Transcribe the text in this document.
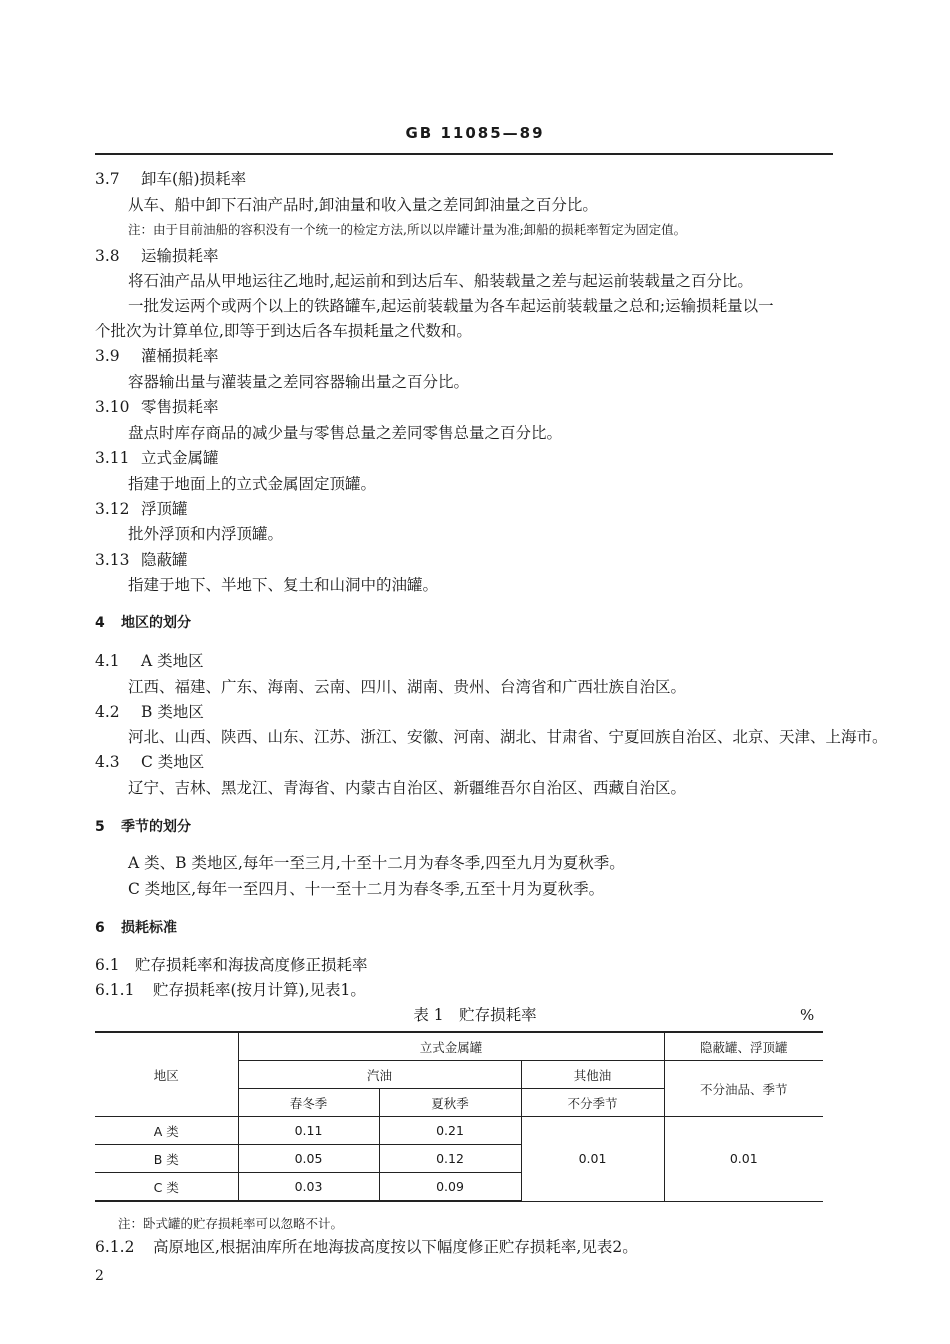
GB 11085—89
3.7 卸车(船)损耗率
从车、船中卸下石油产品时,卸油量和收入量之差同卸油量之百分比。
注：由于目前油船的容积没有一个统一的检定方法,所以以岸罐计量为准;卸船的损耗率暂定为固定值。
3.8 运输损耗率
将石油产品从甲地运往乙地时,起运前和到达后车、船装载量之差与起运前装载量之百分比。
一批发运两个或两个以上的铁路罐车,起运前装载量为各车起运前装载量之总和;运输损耗量以一
个批次为计算单位,即等于到达后各车损耗量之代数和。
3.9 灌桶损耗率
容器输出量与灌装量之差同容器输出量之百分比。
3.10 零售损耗率
盘点时库存商品的减少量与零售总量之差同零售总量之百分比。
3.11 立式金属罐
指建于地面上的立式金属固定顶罐。
3.12 浮顶罐
批外浮顶和内浮顶罐。
3.13 隐蔽罐
指建于地下、半地下、复土和山洞中的油罐。
4 地区的划分
4.1 A 类地区
江西、福建、广东、海南、云南、四川、湖南、贵州、台湾省和广西壮族自治区。
4.2 B 类地区
河北、山西、陕西、山东、江苏、浙江、安徽、河南、湖北、甘肃省、宁夏回族自治区、北京、天津、上海市。
4.3 C 类地区
辽宁、吉林、黑龙江、青海省、内蒙古自治区、新疆维吾尔自治区、西藏自治区。
5 季节的划分
A 类、B 类地区,每年一至三月,十至十二月为春冬季,四至九月为夏秋季。
C 类地区,每年一至四月、十一至十二月为春冬季,五至十月为夏秋季。
6 损耗标准
6.1 贮存损耗率和海拔高度修正损耗率
6.1.1 贮存损耗率(按月计算),见表1。
表 1　贮存损耗率	%
地区	立式金属罐			隐蔽罐、浮顶罐
	汽油		其他油	不分油品、季节
	春冬季	夏秋季	不分季节	
A 类	0.11	0.21	0.01	0.01
B 类	0.05	0.12		
C 类	0.03	0.09		
注：卧式罐的贮存损耗率可以忽略不计。
6.1.2 高原地区,根据油库所在地海拔高度按以下幅度修正贮存损耗率,见表2。
2
